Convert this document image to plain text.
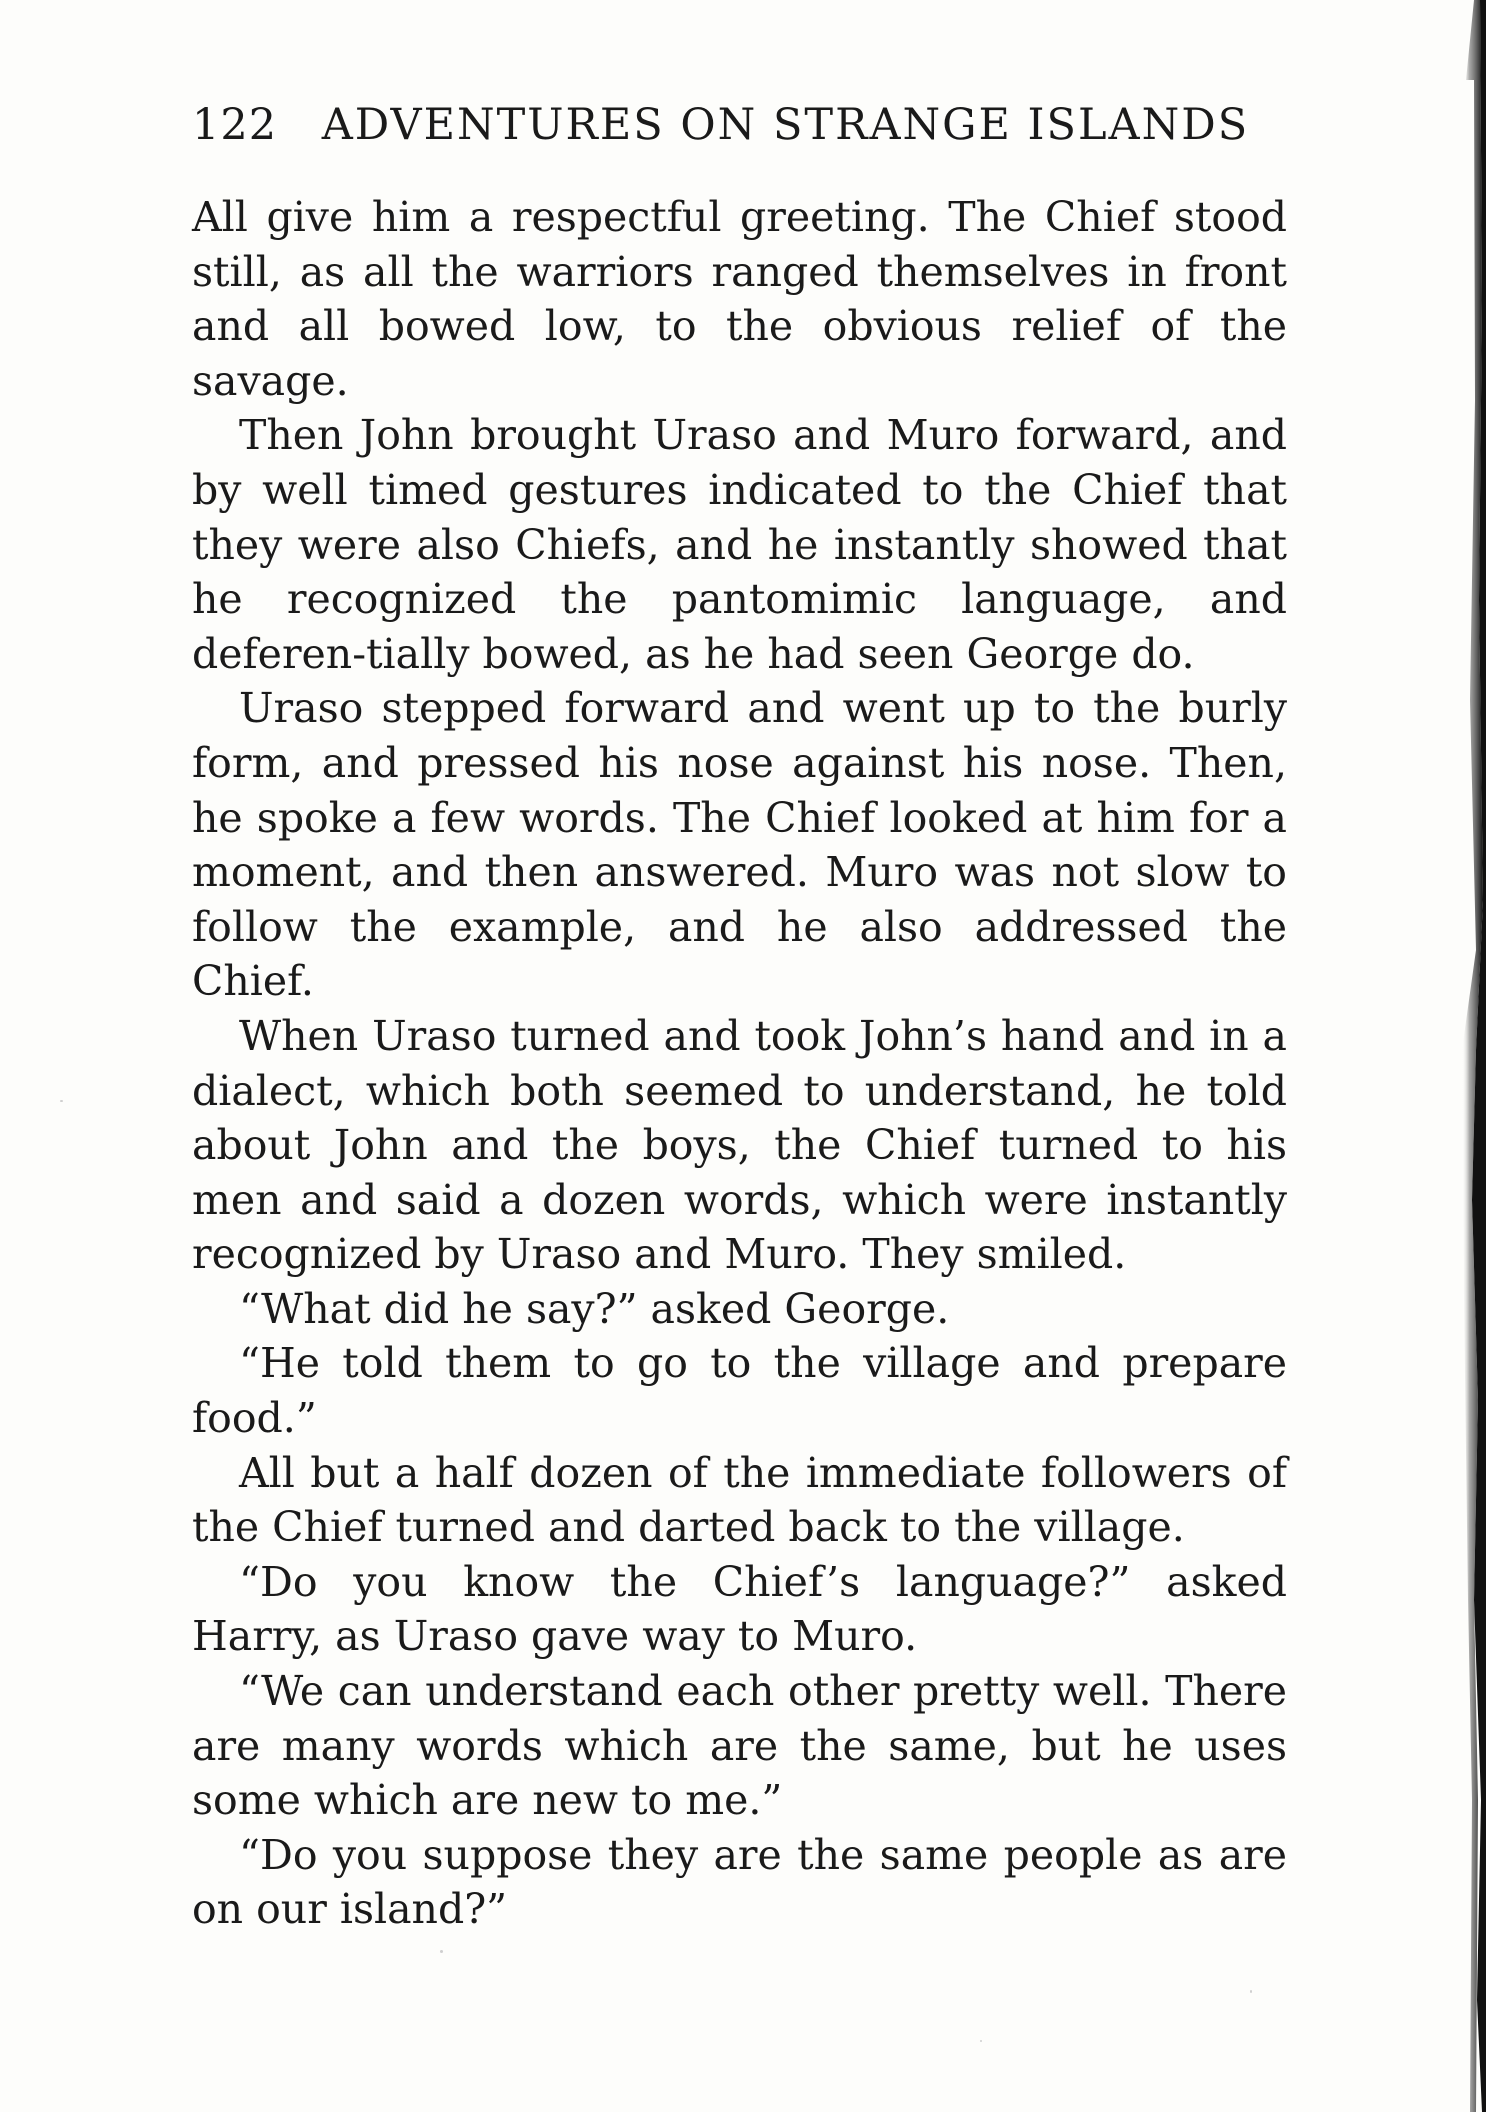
122 ADVENTURES ON STRANGE ISLANDS

All give him a respectful greeting. The Chief stood still, as all the warriors ranged themselves in front and all bowed low, to the obvious relief of the savage.

Then John brought Uraso and Muro forward, and by well timed gestures indicated to the Chief that they were also Chiefs, and he instantly showed that he recognized the pantomimic language, and deferen-tially bowed, as he had seen George do.

Uraso stepped forward and went up to the burly form, and pressed his nose against his nose. Then, he spoke a few words. The Chief looked at him for a moment, and then answered. Muro was not slow to follow the example, and he also addressed the Chief.

When Uraso turned and took John’s hand and in a dialect, which both seemed to understand, he told about John and the boys, the Chief turned to his men and said a dozen words, which were instantly recognized by Uraso and Muro. They smiled.

“What did he say?” asked George.

“He told them to go to the village and prepare food.”

All but a half dozen of the immediate followers of the Chief turned and darted back to the village.

“Do you know the Chief’s language?” asked Harry, as Uraso gave way to Muro.

“We can understand each other pretty well. There are many words which are the same, but he uses some which are new to me.”

“Do you suppose they are the same people as are on our island?”
